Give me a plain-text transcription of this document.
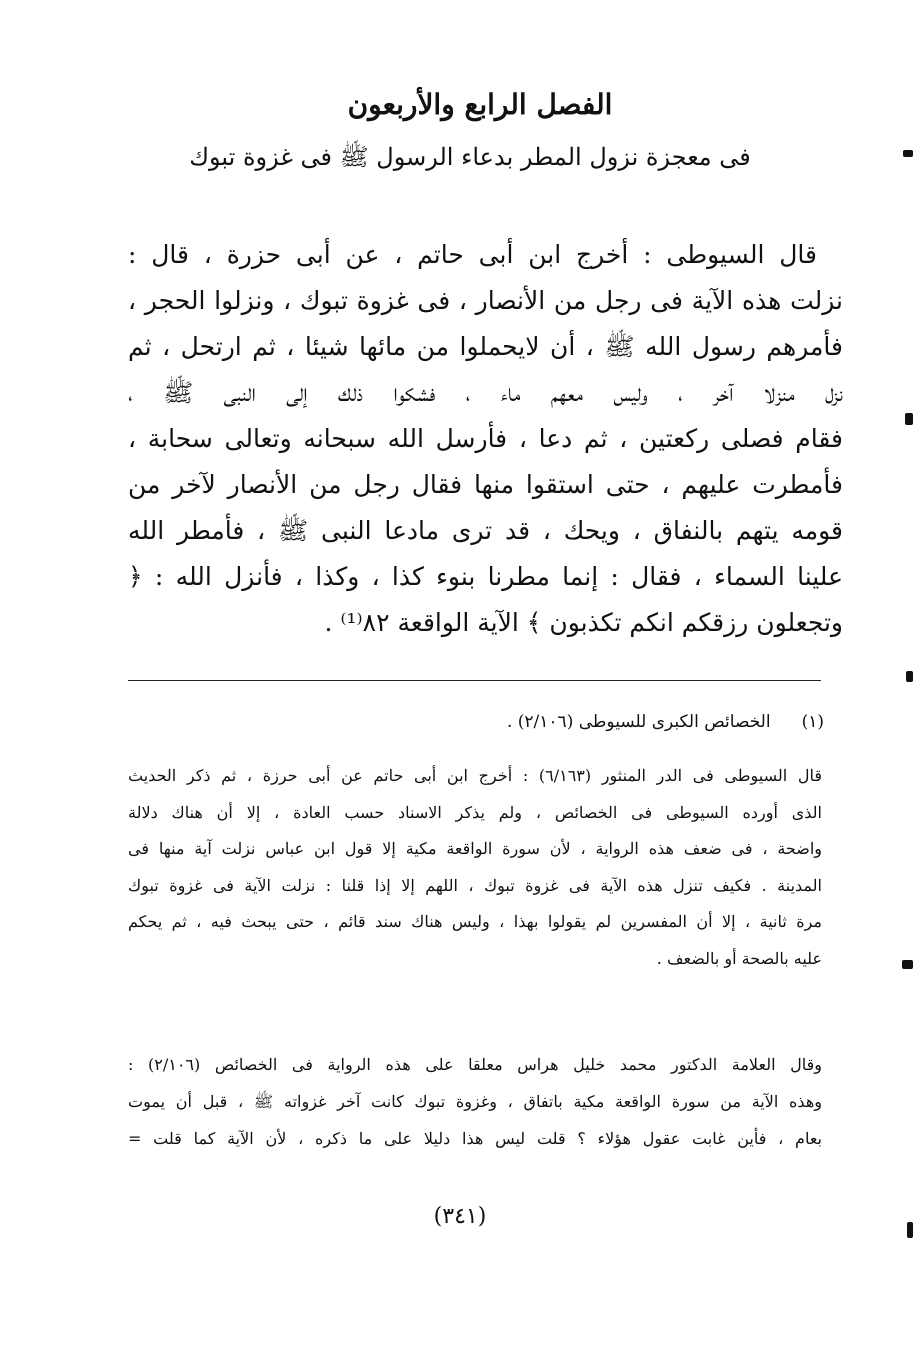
الفصل الرابع والأربعون
فى معجزة نزول المطر بدعاء الرسول ﷺ فى غزوة تبوك
قال السيوطى : أخرج ابن أبى حاتم ، عن أبى حزرة ، قال :
نزلت هذه الآية فى رجل من الأنصار ، فى غزوة تبوك ، ونزلوا الحجر ،
فأمرهم رسول الله ﷺ ، أن لايحملوا من مائها شيئا ، ثم ارتحل ، ثم
نزل منزلا آخر ، وليس معهم ماء ، فشكوا ذلك إلى النبى ﷺ ،
فقام فصلى ركعتين ، ثم دعا ، فأرسل الله سبحانه وتعالى سحابة ،
فأمطرت عليهم ، حتى استقوا منها فقال رجل من الأنصار لآخر من
قومه يتهم بالنفاق ، ويحك ، قد ترى مادعا النبى ﷺ ، فأمطر الله
علينا السماء ، فقال : إنما مطرنا بنوء كذا ، وكذا ، فأنزل الله : ﴿
وتجعلون رزقكم انكم تكذبون ﴾ الآية الواقعة ٨٢⁽¹⁾ .
(١) الخصائص الكبرى للسيوطى (٢/١٠٦) .
قال السيوطى فى الدر المنثور (٦/١٦٣) : أخرج ابن أبى حاتم عن أبى حرزة ، ثم ذكر الحديث
الذى أورده السيوطى فى الخصائص ، ولم يذكر الاسناد حسب العادة ، إلا أن هناك دلالة
واضحة ، فى ضعف هذه الرواية ، لأن سورة الواقعة مكية إلا قول ابن عباس نزلت آية منها فى
المدينة . فكيف تنزل هذه الآية فى غزوة تبوك ، اللهم إلا إذا قلنا : نزلت الآية فى غزوة تبوك
مرة ثانية ، إلا أن المفسرين لم يقولوا بهذا ، وليس هناك سند قائم ، حتى يبحث فيه ، ثم يحكم
عليه بالصحة أو بالضعف .
وقال العلامة الدكتور محمد خليل هراس معلقا على هذه الرواية فى الخصائص (٢/١٠٦) :
وهذه الآية من سورة الواقعة مكية باتفاق ، وغزوة تبوك كانت آخر غزواته ﷺ ، قبل أن يموت
بعام ، فأين غابت عقول هؤلاء ؟ قلت ليس هذا دليلا على ما ذكره ، لأن الآية كما قلت =
(٣٤١)
